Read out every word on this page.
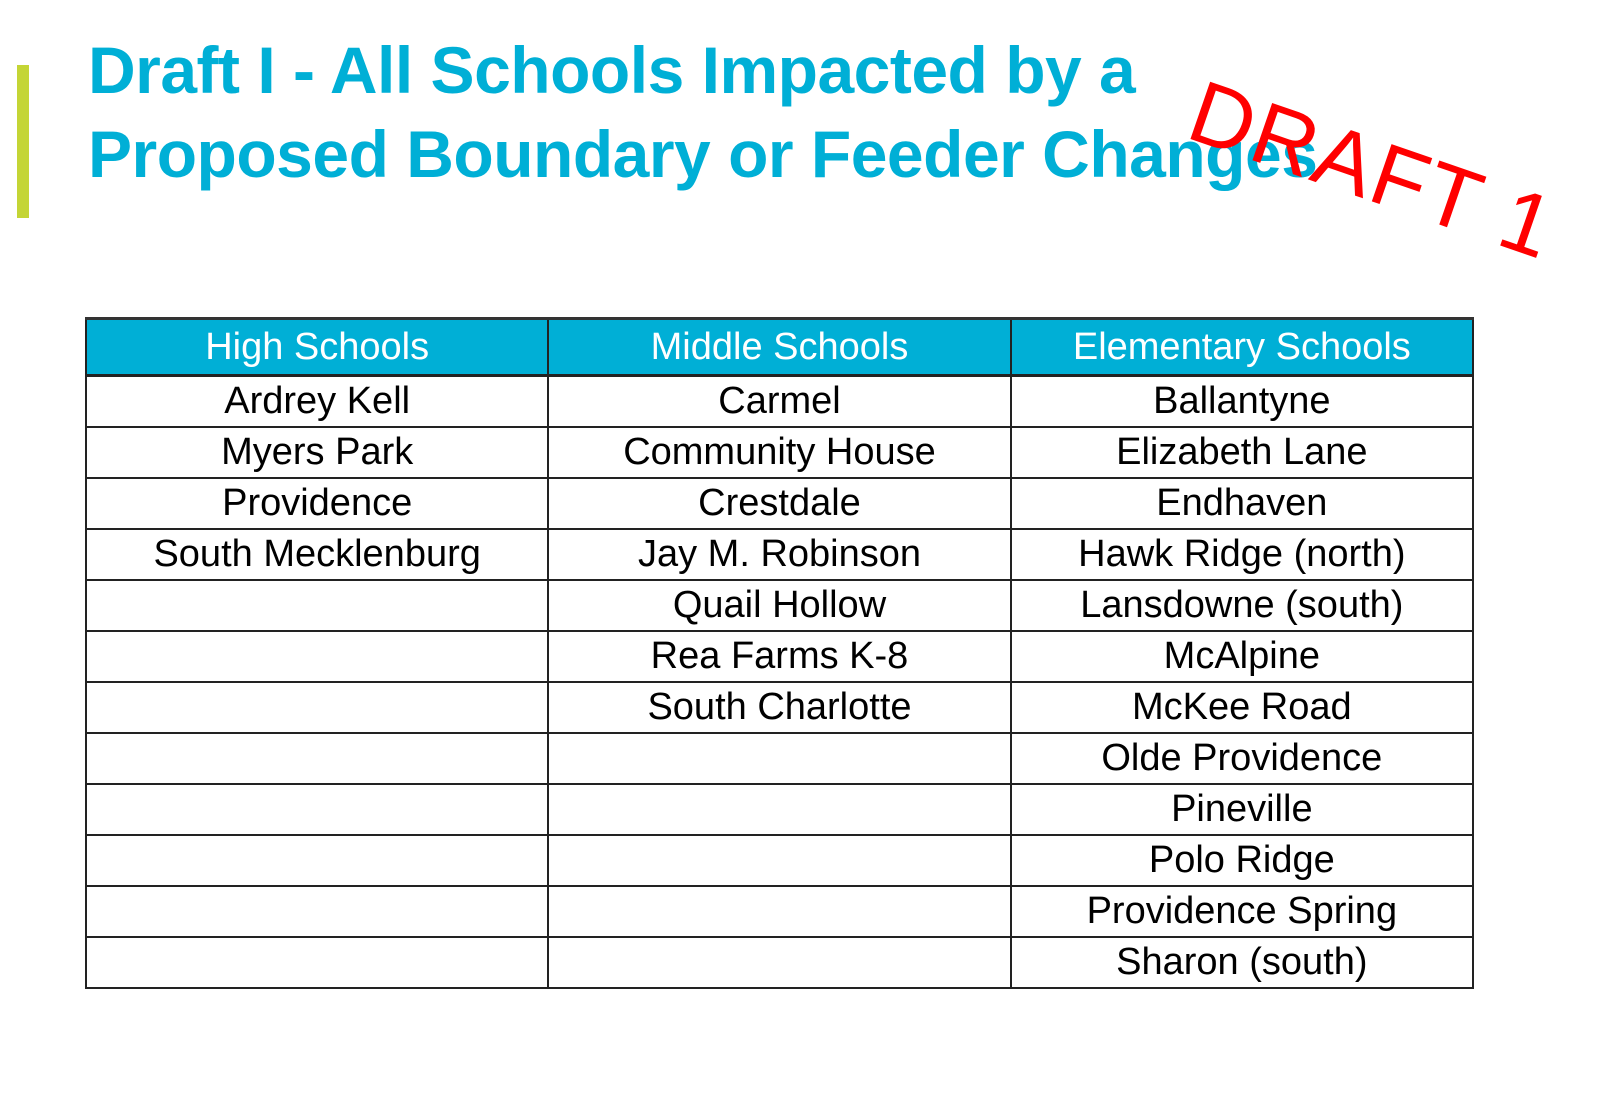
Draft I - All Schools Impacted by a
Proposed Boundary or Feeder Changes
DRAFT 1
High Schools	Middle Schools	Elementary Schools
Ardrey Kell	Carmel	Ballantyne
Myers Park	Community House	Elizabeth Lane
Providence	Crestdale	Endhaven
South Mecklenburg	Jay M. Robinson	Hawk Ridge (north)
	Quail Hollow	Lansdowne (south)
	Rea Farms K-8	McAlpine
	South Charlotte	McKee Road
		Olde Providence
		Pineville
		Polo Ridge
		Providence Spring
		Sharon (south)
